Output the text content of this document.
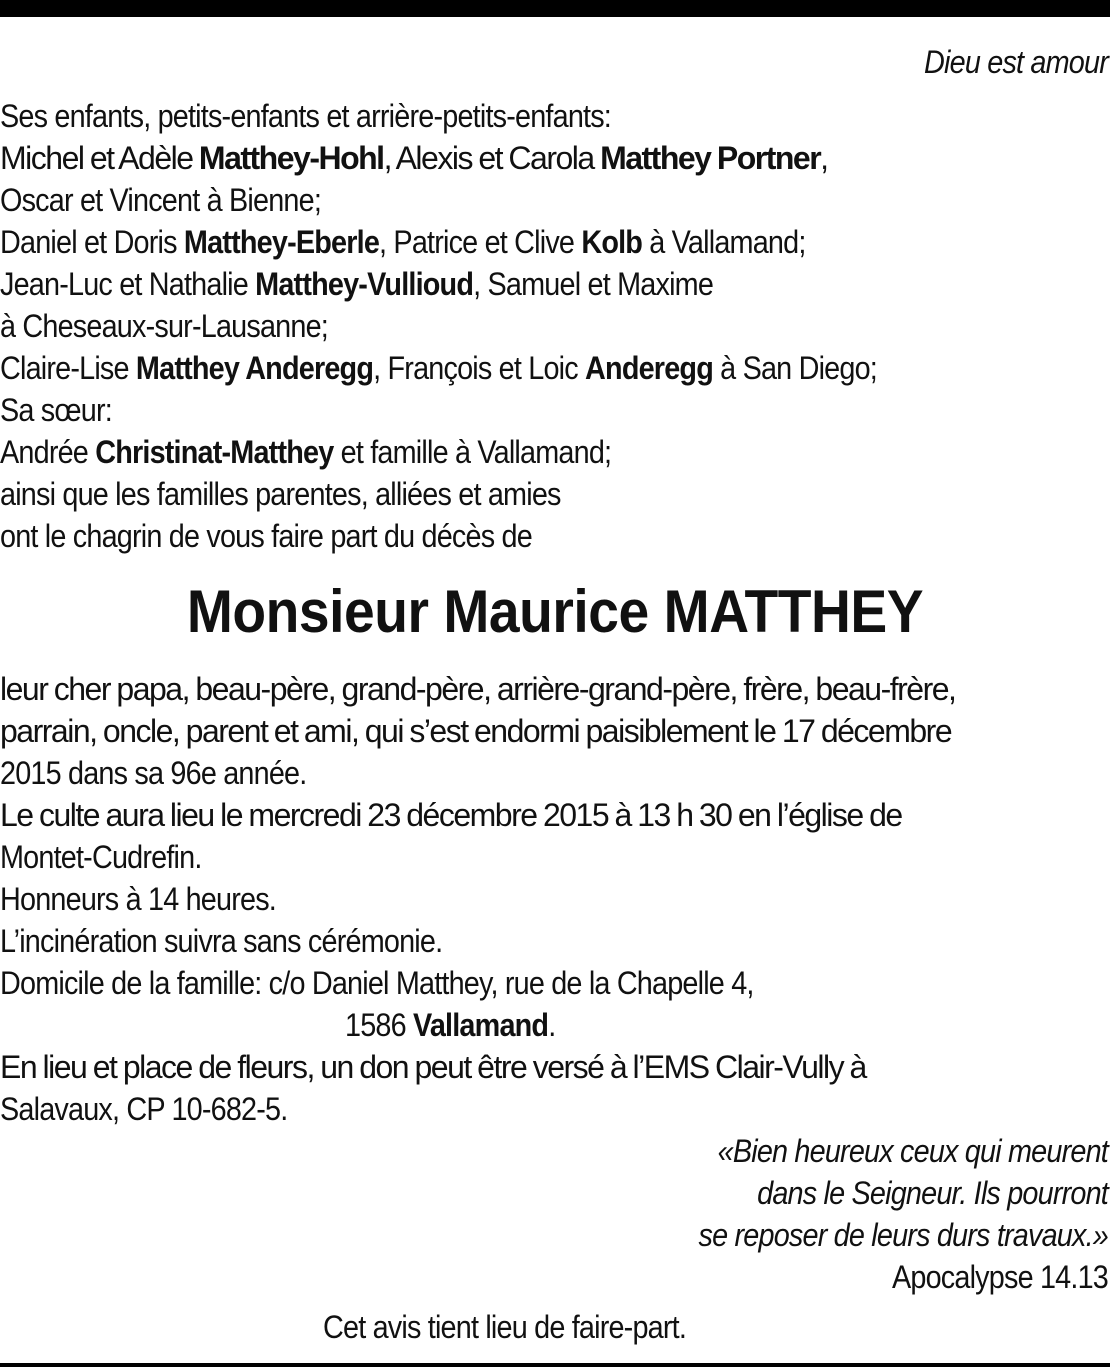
Dieu est amour
Ses enfants, petits-enfants et arrière-petits-enfants:
Michel et Adèle Matthey-Hohl, Alexis et Carola Matthey Portner,
Oscar et Vincent à Bienne;
Daniel et Doris Matthey-Eberle, Patrice et Clive Kolb à Vallamand;
Jean-Luc et Nathalie Matthey-Vullioud, Samuel et Maxime
à Cheseaux-sur-Lausanne;
Claire-Lise Matthey Anderegg, François et Loic Anderegg à San Diego;
Sa sœur:
Andrée Christinat-Matthey et famille à Vallamand;
ainsi que les familles parentes, alliées et amies
ont le chagrin de vous faire part du décès de
Monsieur Maurice MATTHEY
leur cher papa, beau-père, grand-père, arrière-grand-père, frère, beau-frère,
parrain, oncle, parent et ami, qui s’est endormi paisiblement le 17 décembre
2015 dans sa 96e année.
Le culte aura lieu le mercredi 23 décembre 2015 à 13 h 30 en l’église de
Montet-Cudrefin.
Honneurs à 14 heures.
L’incinération suivra sans cérémonie.
Domicile de la famille: c/o Daniel Matthey, rue de la Chapelle 4,
1586 Vallamand.
En lieu et place de fleurs, un don peut être versé à l’EMS Clair-Vully à
Salavaux, CP 10-682-5.
«Bien heureux ceux qui meurent
dans le Seigneur. Ils pourront
se reposer de leurs durs travaux.»
Apocalypse 14.13
Cet avis tient lieu de faire-part.
